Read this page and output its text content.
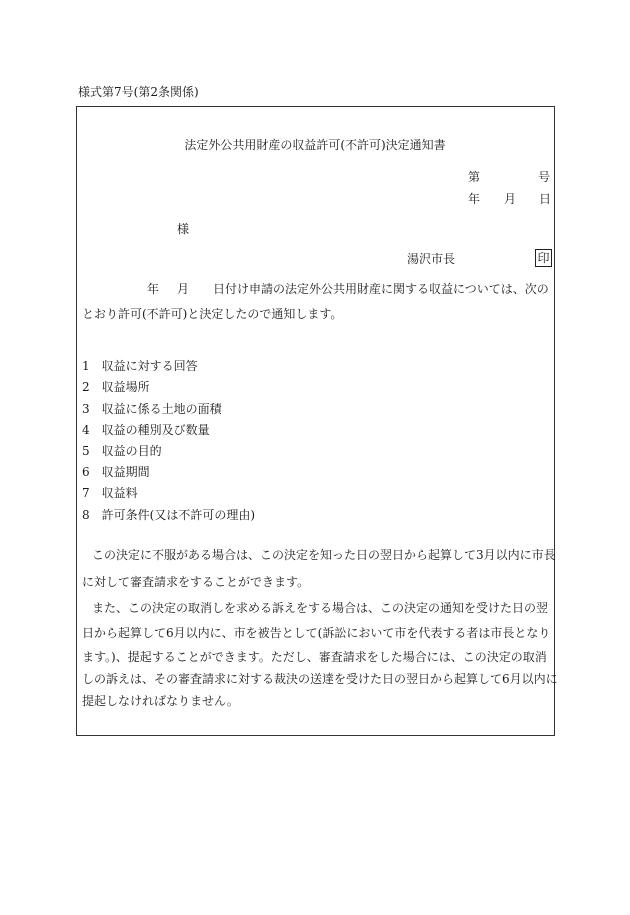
様式第7号(第2条関係)
法定外公共用財産の収益許可(不許可)決定通知書
第	号
年 月 日
様
湯沢市長	印
年 月 日付け申請の法定外公共用財産に関する収益については、次の
とおり許可(不許可)と決定したので通知します。
1　収益に対する回答
2　収益場所
3　収益に係る土地の面積
4　収益の種別及び数量
5　収益の目的
6　収益期間
7　収益料
8　許可条件(又は不許可の理由)
この決定に不服がある場合は、この決定を知った日の翌日から起算して3月以内に市長
に対して審査請求をすることができます。
また、この決定の取消しを求める訴えをする場合は、この決定の通知を受けた日の翌
日から起算して6月以内に、市を被告として(訴訟において市を代表する者は市長となり
ます。)、提起することができます。ただし、審査請求をした場合には、この決定の取消
しの訴えは、その審査請求に対する裁決の送達を受けた日の翌日から起算して6月以内に
提起しなければなりません。
